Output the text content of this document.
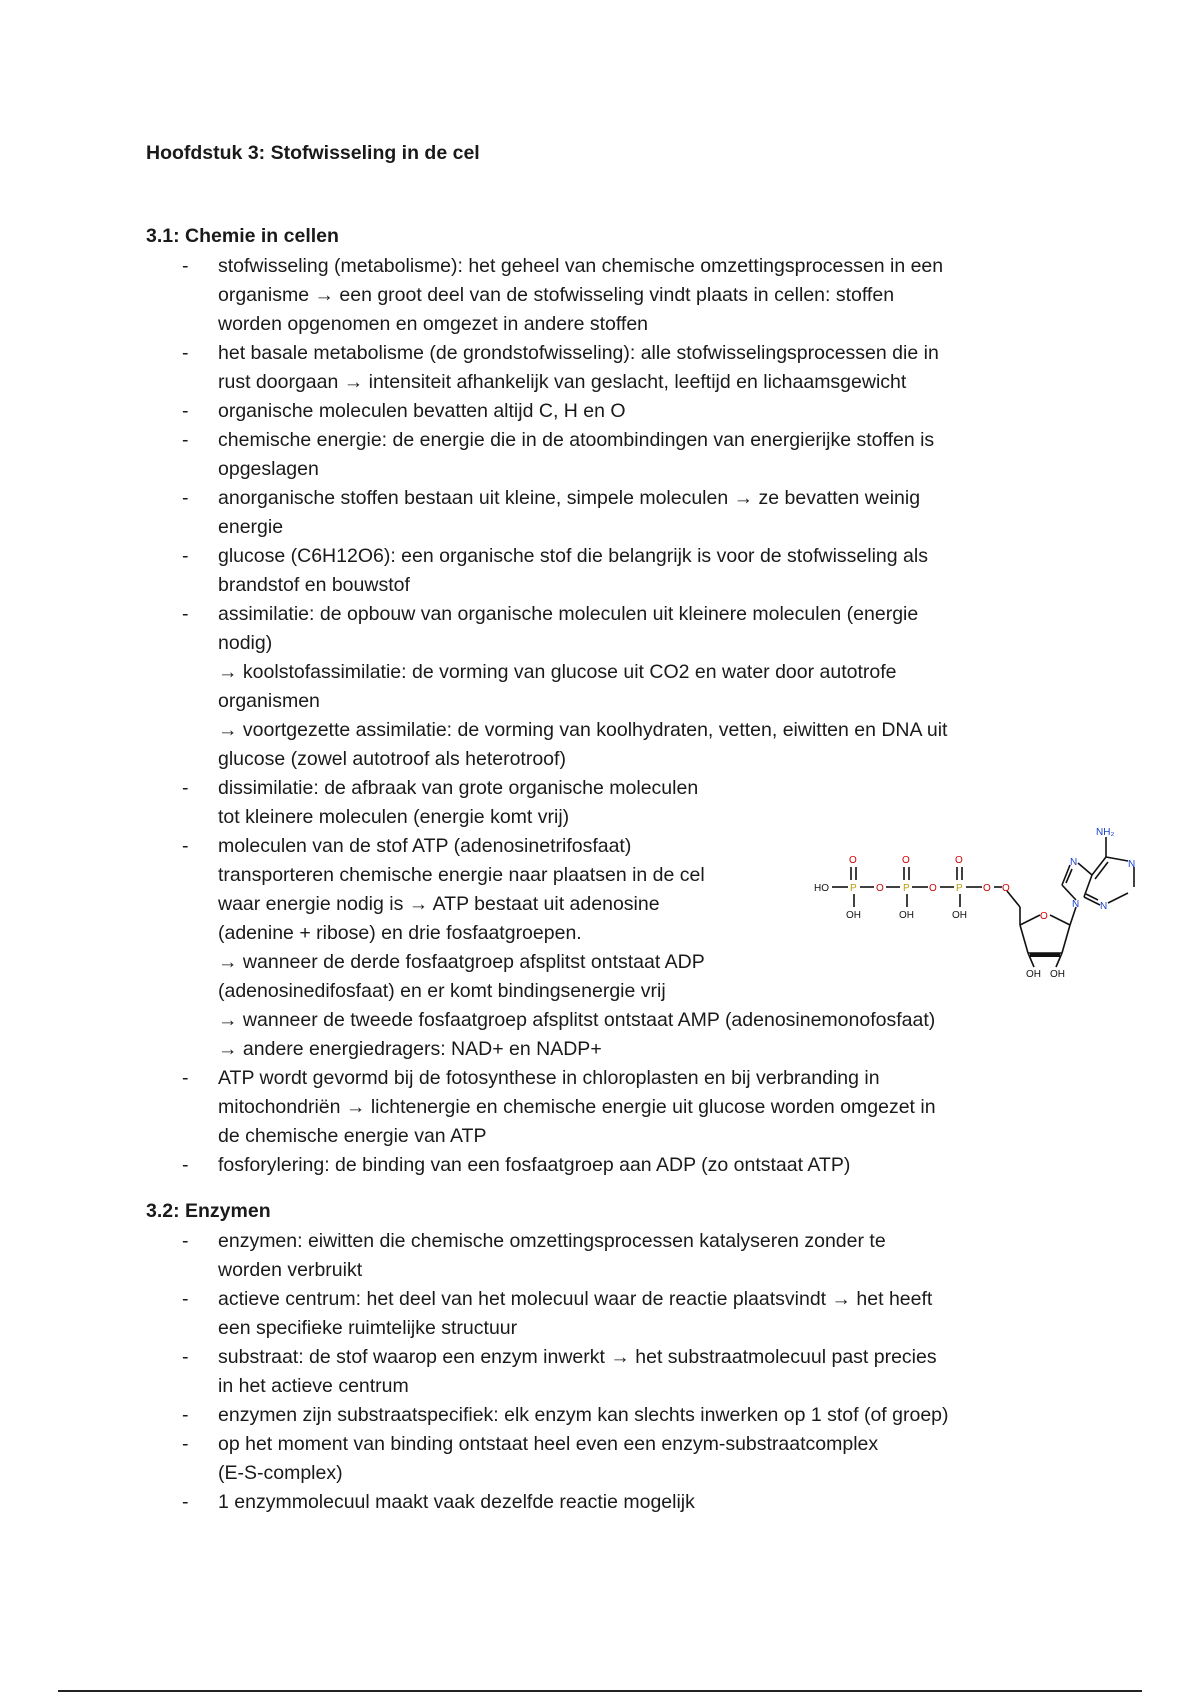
Hoofdstuk 3: Stofwisseling in de cel
3.1: Chemie in cellen
- stofwisseling (metabolisme): het geheel van chemische omzettingsprocessen in een
organisme → een groot deel van de stofwisseling vindt plaats in cellen: stoffen
worden opgenomen en omgezet in andere stoffen
- het basale metabolisme (de grondstofwisseling): alle stofwisselingsprocessen die in
rust doorgaan → intensiteit afhankelijk van geslacht, leeftijd en lichaamsgewicht
- organische moleculen bevatten altijd C, H en O
- chemische energie: de energie die in de atoombindingen van energierijke stoffen is
opgeslagen
- anorganische stoffen bestaan uit kleine, simpele moleculen → ze bevatten weinig
energie
- glucose (C6H12O6): een organische stof die belangrijk is voor de stofwisseling als
brandstof en bouwstof
- assimilatie: de opbouw van organische moleculen uit kleinere moleculen (energie
nodig)
→ koolstofassimilatie: de vorming van glucose uit CO2 en water door autotrofe
organismen
→ voortgezette assimilatie: de vorming van koolhydraten, vetten, eiwitten en DNA uit
glucose (zowel autotroof als heterotroof)
- dissimilatie: de afbraak van grote organische moleculen
tot kleinere moleculen (energie komt vrij)
- moleculen van de stof ATP (adenosinetrifosfaat)
transporteren chemische energie naar plaatsen in de cel
waar energie nodig is → ATP bestaat uit adenosine
(adenine + ribose) en drie fosfaatgroepen.
→ wanneer de derde fosfaatgroep afsplitst ontstaat ADP
(adenosinedifosfaat) en er komt bindingsenergie vrij
→ wanneer de tweede fosfaatgroep afsplitst ontstaat AMP (adenosinemonofosfaat)
→ andere energiedragers: NAD+ en NADP+
- ATP wordt gevormd bij de fotosynthese in chloroplasten en bij verbranding in
mitochondriën → lichtenergie en chemische energie uit glucose worden omgezet in
de chemische energie van ATP
- fosforylering: de binding van een fosfaatgroep aan ADP (zo ontstaat ATP)
3.2: Enzymen
- enzymen: eiwitten die chemische omzettingsprocessen katalyseren zonder te
worden verbruikt
- actieve centrum: het deel van het molecuul waar de reactie plaatsvindt → het heeft
een specifieke ruimtelijke structuur
- substraat: de stof waarop een enzym inwerkt → het substraatmolecuul past precies
in het actieve centrum
- enzymen zijn substraatspecifiek: elk enzym kan slechts inwerken op 1 stof (of groep)
- op het moment van binding ontstaat heel even een enzym-substraatcomplex
(E-S-complex)
- 1 enzymmolecuul maakt vaak dezelfde reactie mogelijk
HO
O	O	O
P	P	P
O	O	O O
OH	OH	OH	O
OH OH
N
N	N
N
NH₂
